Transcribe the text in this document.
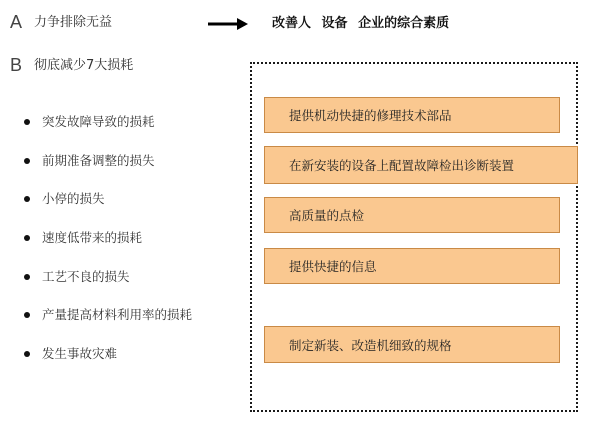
A 力争排除无益	改善人 设备 企业的综合素质
B 彻底减少7大损耗
突发故障导致的损耗
前期准备调整的损失
小停的损失
速度低带来的损耗
工艺不良的损失
产量提高材料利用率的损耗
发生事故灾难
提供机动快捷的修理技术部品
在新安装的设备上配置故障检出诊断装置
高质量的点检
提供快捷的信息
制定新装、改造机细致的规格
